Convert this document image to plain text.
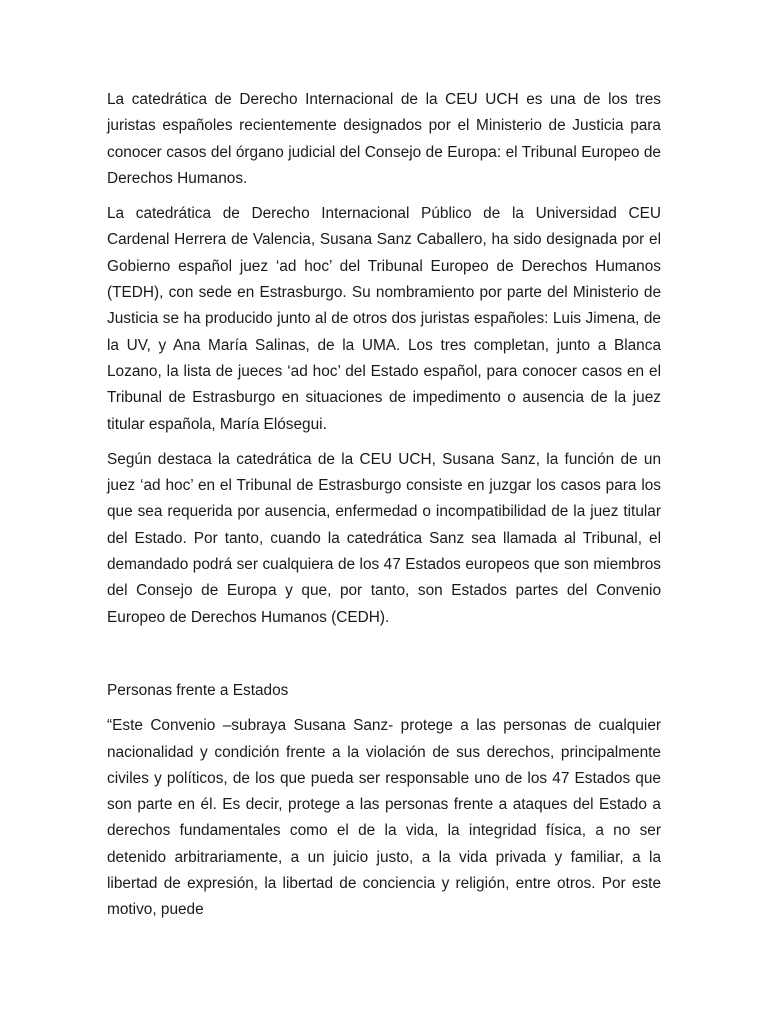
La catedrática de Derecho Internacional de la CEU UCH es una de los tres juristas españoles recientemente designados por el Ministerio de Justicia para conocer casos del órgano judicial del Consejo de Europa: el Tribunal Europeo de Derechos Humanos.

La catedrática de Derecho Internacional Público de la Universidad CEU Cardenal Herrera de Valencia, Susana Sanz Caballero, ha sido designada por el Gobierno español juez ‘ad hoc’ del Tribunal Europeo de Derechos Humanos (TEDH), con sede en Estrasburgo. Su nombramiento por parte del Ministerio de Justicia se ha producido junto al de otros dos juristas españoles: Luis Jimena, de la UV, y Ana María Salinas, de la UMA. Los tres completan, junto a Blanca Lozano, la lista de jueces ‘ad hoc’ del Estado español, para conocer casos en el Tribunal de Estrasburgo en situaciones de impedimento o ausencia de la juez titular española, María Elósegui.

Según destaca la catedrática de la CEU UCH, Susana Sanz, la función de un juez ‘ad hoc’ en el Tribunal de Estrasburgo consiste en juzgar los casos para los que sea requerida por ausencia, enfermedad o incompatibilidad de la juez titular del Estado. Por tanto, cuando la catedrática Sanz sea llamada al Tribunal, el demandado podrá ser cualquiera de los 47 Estados europeos que son miembros del Consejo de Europa y que, por tanto, son Estados partes del Convenio Europeo de Derechos Humanos (CEDH).

Personas frente a Estados

“Este Convenio –subraya Susana Sanz- protege a las personas de cualquier nacionalidad y condición frente a la violación de sus derechos, principalmente civiles y políticos, de los que pueda ser responsable uno de los 47 Estados que son parte en él. Es decir, protege a las personas frente a ataques del Estado a derechos fundamentales como el de la vida, la integridad física, a no ser detenido arbitrariamente, a un juicio justo, a la vida privada y familiar, a la libertad de expresión, la libertad de conciencia y religión, entre otros. Por este motivo, puede
